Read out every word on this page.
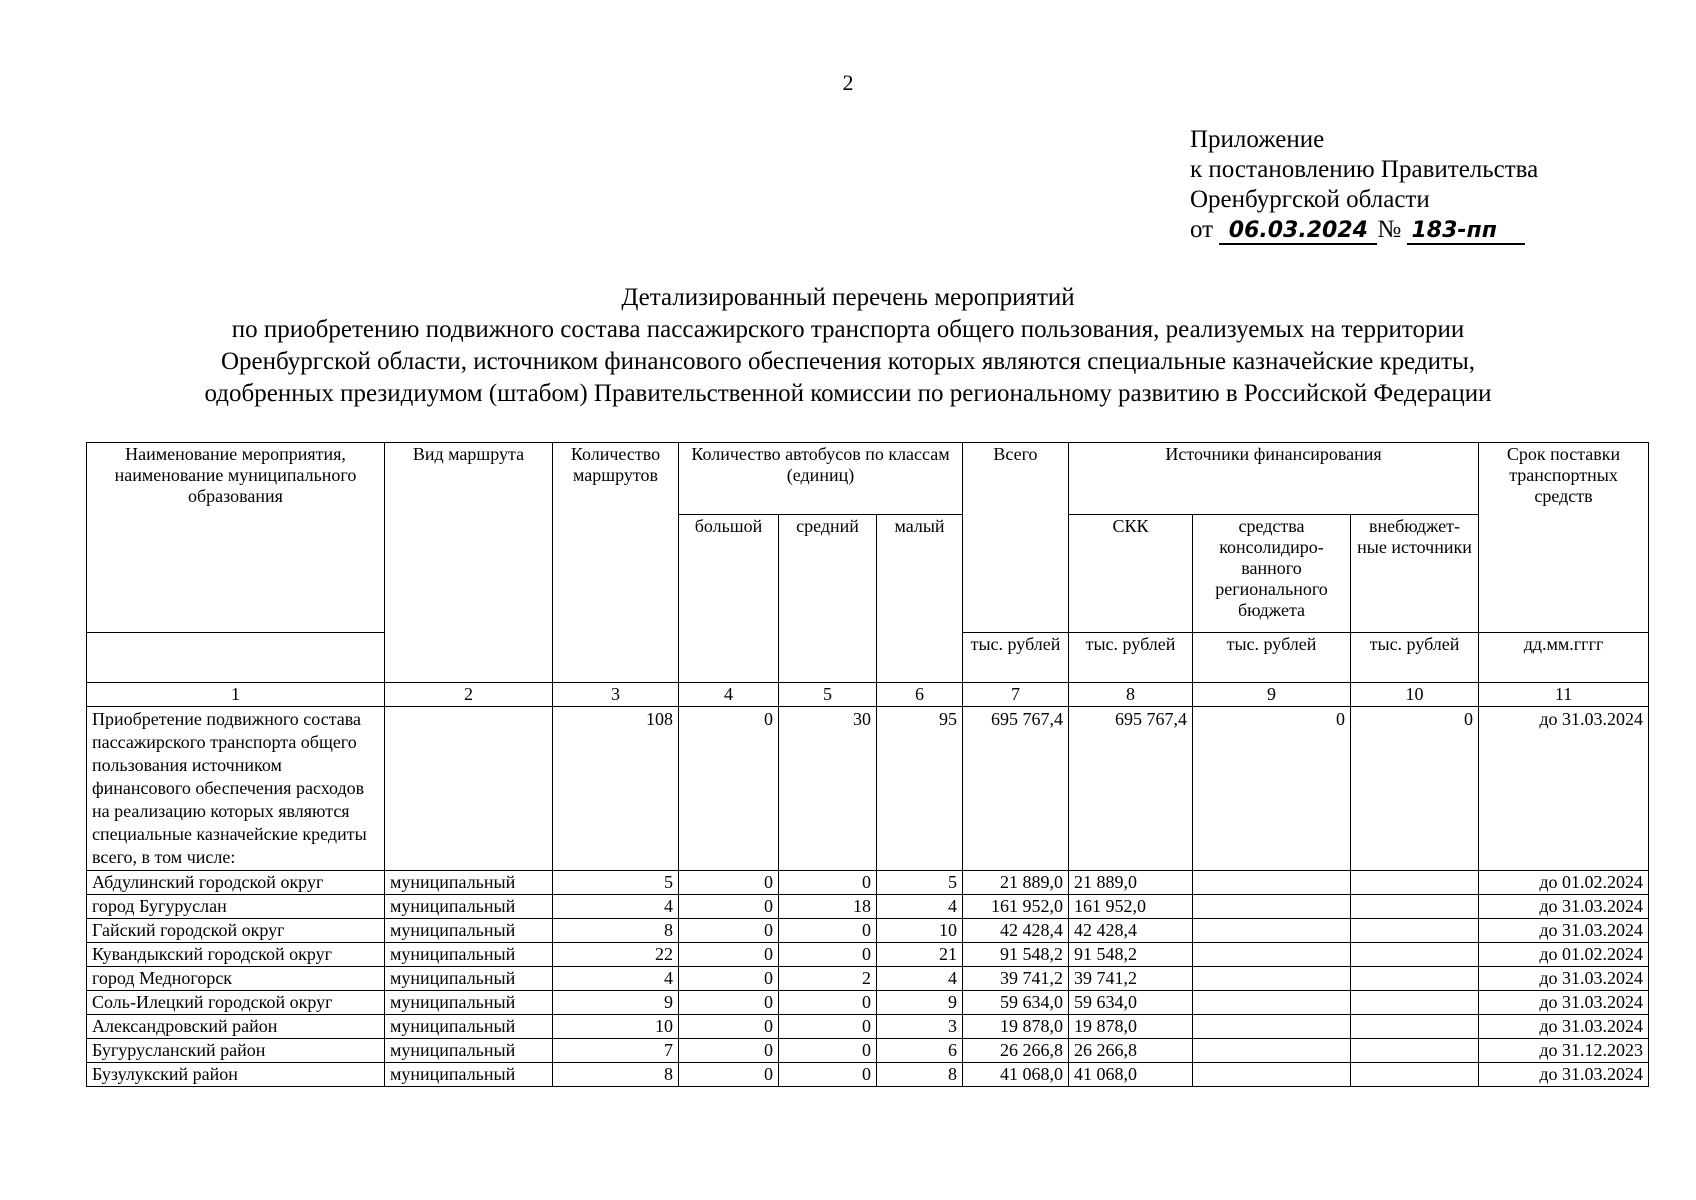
2
Приложение
к постановлению Правительства
Оренбургской области
от 06.03.2024 № 183-пп
Детализированный перечень мероприятий
по приобретению подвижного состава пассажирского транспорта общего пользования, реализуемых на территории
Оренбургской области, источником финансового обеспечения которых являются специальные казначейские кредиты,
одобренных президиумом (штабом) Правительственной комиссии по региональному развитию в Российской Федерации
Наименование мероприятия, наименование муниципального образования	Вид маршрута	Количество маршрутов	Количество автобусов по классам (единиц)			Всего	Источники финансирования			Срок поставки транспортных средств
			большой	средний	малый		СКК	средства консолидиро-ванного регионального бюджета	внебюджет-ные источники	
						тыс. рублей	тыс. рублей	тыс. рублей	тыс. рублей	дд.мм.гггг
1	2	3	4	5	6	7	8	9	10	11
Приобретение подвижного состава пассажирского транспорта общего пользования источником финансового обеспечения расходов на реализацию которых являются специальные казначейские кредиты всего, в том числе:		108	0	30	95	695 767,4	695 767,4	0	0	до 31.03.2024
Абдулинский городской округ	муниципальный	5	0	0	5	21 889,0	21 889,0			до 01.02.2024
город Бугуруслан	муниципальный	4	0	18	4	161 952,0	161 952,0			до 31.03.2024
Гайский городской округ	муниципальный	8	0	0	10	42 428,4	42 428,4			до 31.03.2024
Кувандыкский городской округ	муниципальный	22	0	0	21	91 548,2	91 548,2			до 01.02.2024
город Медногорск	муниципальный	4	0	2	4	39 741,2	39 741,2			до 31.03.2024
Соль-Илецкий городской округ	муниципальный	9	0	0	9	59 634,0	59 634,0			до 31.03.2024
Александровский район	муниципальный	10	0	0	3	19 878,0	19 878,0			до 31.03.2024
Бугурусланский район	муниципальный	7	0	0	6	26 266,8	26 266,8			до 31.12.2023
Бузулукский район	муниципальный	8	0	0	8	41 068,0	41 068,0			до 31.03.2024
